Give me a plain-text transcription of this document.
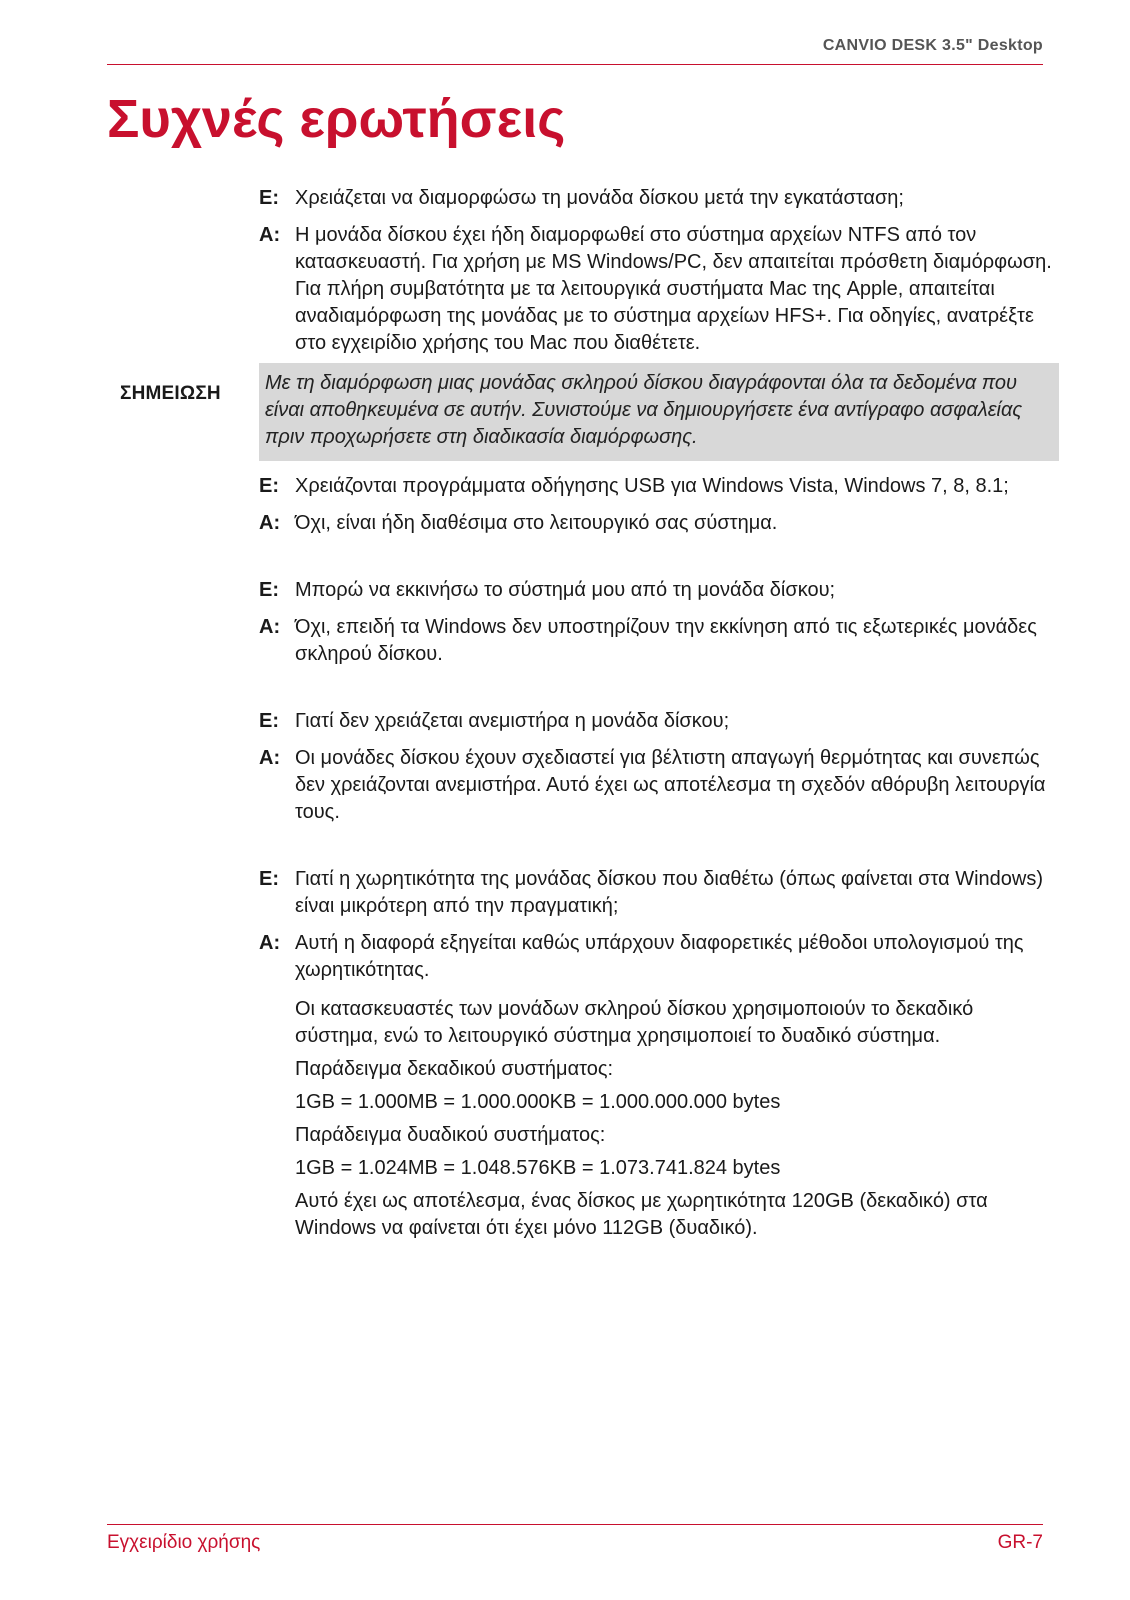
CANVIO DESK 3.5" Desktop
Συχνές ερωτήσεις
Ε: Χρειάζεται να διαμορφώσω τη μονάδα δίσκου μετά την εγκατάσταση;
Α: Η μονάδα δίσκου έχει ήδη διαμορφωθεί στο σύστημα αρχείων NTFS από τον κατασκευαστή. Για χρήση με MS Windows/PC, δεν απαιτείται πρόσθετη διαμόρφωση.
Για πλήρη συμβατότητα με τα λειτουργικά συστήματα Mac της Apple, απαιτείται αναδιαμόρφωση της μονάδας με το σύστημα αρχείων HFS+. Για οδηγίες, ανατρέξτε στο εγχειρίδιο χρήσης του Mac που διαθέτετε.
ΣΗΜΕΙΩΣΗ	Με τη διαμόρφωση μιας μονάδας σκληρού δίσκου διαγράφονται όλα τα δεδομένα που είναι αποθηκευμένα σε αυτήν. Συνιστούμε να δημιουργήσετε ένα αντίγραφο ασφαλείας πριν προχωρήσετε στη διαδικασία διαμόρφωσης.
Ε: Χρειάζονται προγράμματα οδήγησης USB για Windows Vista, Windows 7, 8, 8.1;
Α: Όχι, είναι ήδη διαθέσιμα στο λειτουργικό σας σύστημα.
Ε: Μπορώ να εκκινήσω το σύστημά μου από τη μονάδα δίσκου;
Α: Όχι, επειδή τα Windows δεν υποστηρίζουν την εκκίνηση από τις εξωτερικές μονάδες σκληρού δίσκου.
Ε: Γιατί δεν χρειάζεται ανεμιστήρα η μονάδα δίσκου;
Α: Οι μονάδες δίσκου έχουν σχεδιαστεί για βέλτιστη απαγωγή θερμότητας και συνεπώς δεν χρειάζονται ανεμιστήρα. Αυτό έχει ως αποτέλεσμα τη σχεδόν αθόρυβη λειτουργία τους.
Ε: Γιατί η χωρητικότητα της μονάδας δίσκου που διαθέτω (όπως φαίνεται στα Windows) είναι μικρότερη από την πραγματική;
Α: Αυτή η διαφορά εξηγείται καθώς υπάρχουν διαφορετικές μέθοδοι υπολογισμού της χωρητικότητας.
Οι κατασκευαστές των μονάδων σκληρού δίσκου χρησιμοποιούν το δεκαδικό σύστημα, ενώ το λειτουργικό σύστημα χρησιμοποιεί το δυαδικό σύστημα.
Παράδειγμα δεκαδικού συστήματος:
1GB = 1.000MB = 1.000.000KB = 1.000.000.000 bytes
Παράδειγμα δυαδικού συστήματος:
1GB = 1.024MB = 1.048.576KB = 1.073.741.824 bytes
Αυτό έχει ως αποτέλεσμα, ένας δίσκος με χωρητικότητα 120GB (δεκαδικό) στα Windows να φαίνεται ότι έχει μόνο 112GB (δυαδικό).
Εγχειρίδιο χρήσης	GR-7
